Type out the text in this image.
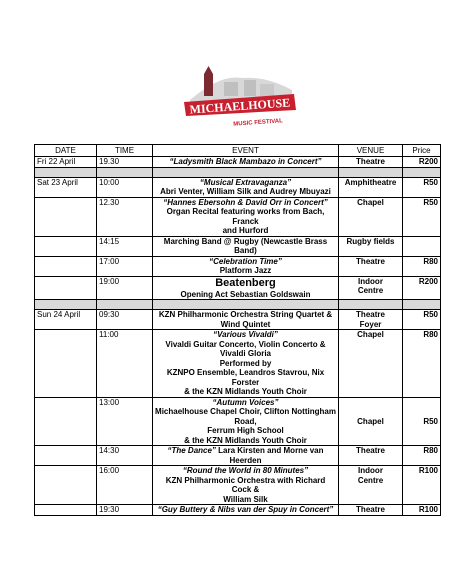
MICHAELHOUSE
MUSIC FESTIVAL
DATE	TIME	EVENT	VENUE	Price
Fri 22 April	19.30	“Ladysmith Black Mambazo in Concert”	Theatre	R200

Sat 23 April	10:00	“Musical Extravaganza”
Abri Venter, William Silk and Audrey Mbuyazi	Amphitheatre	R50
	12.30	“Hannes Ebersohn & David Orr in Concert”
Organ Recital featuring works from Bach, Franck
and Hurford	Chapel	R50
	14:15	Marching Band @ Rugby (Newcastle Brass Band)	Rugby fields	
	17:00	“Celebration Time”
Platform Jazz	Theatre	R80
	19:00	Beatenberg
Opening Act Sebastian Goldswain	Indoor
Centre	R200

Sun 24 April	09:30	KZN Philharmonic Orchestra String Quartet &
Wind Quintet	Theatre
Foyer	R50
	11:00	“Various Vivaldi”
Vivaldi Guitar Concerto, Violin Concerto & Vivaldi Gloria
Performed by
KZNPO Ensemble, Leandros Stavrou, Nix Forster
& the KZN Midlands Youth Choir	Chapel	R80
	13:00	“Autumn Voices”
Michaelhouse Chapel Choir, Clifton Nottingham Road,
Ferrum High School
& the KZN Midlands Youth Choir	Chapel	R50
	14:30	“The Dance” Lara Kirsten and Morne van Heerden	Theatre	R80
	16:00	“Round the World in 80 Minutes”
KZN Philharmonic Orchestra with Richard Cock &
William Silk	Indoor
Centre	R100
	19:30	“Guy Buttery & Nibs van der Spuy in Concert”	Theatre	R100
